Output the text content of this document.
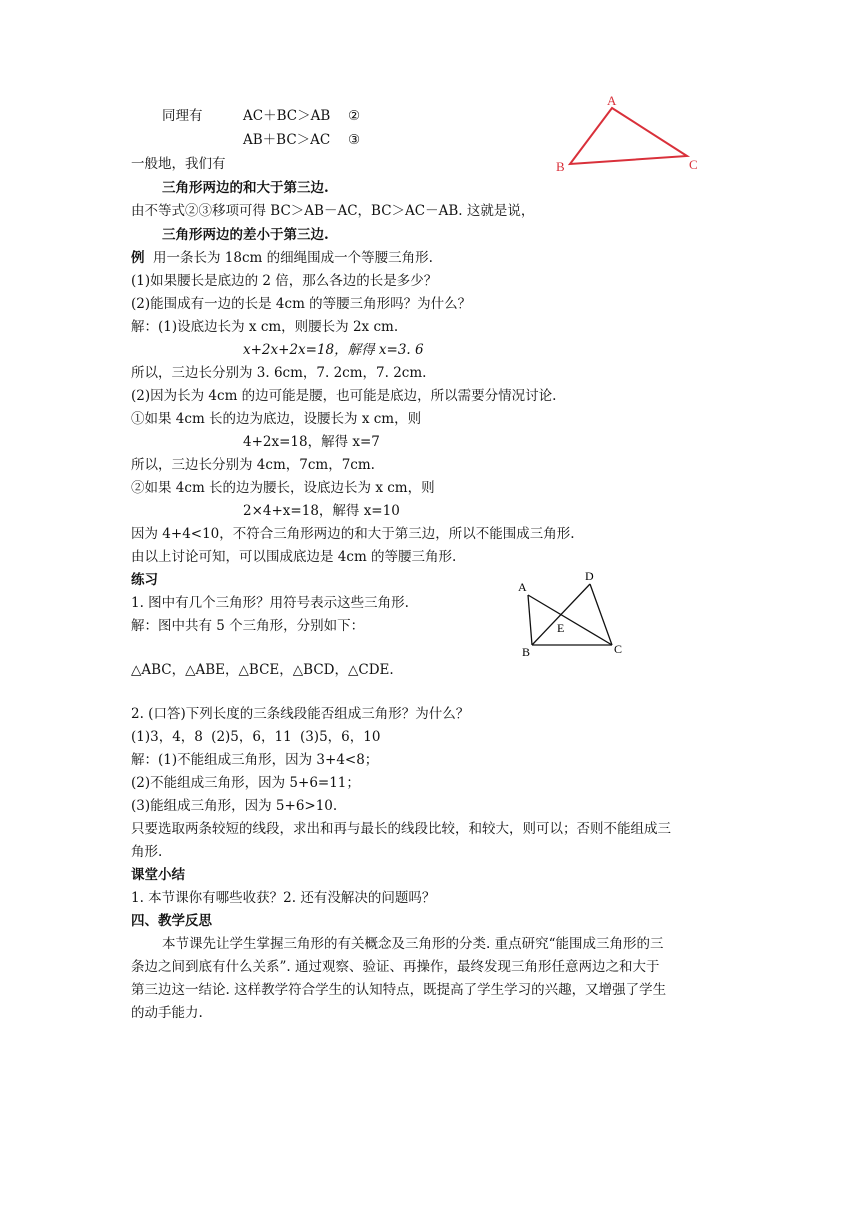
同理有	AC＋BC＞AB ②
AB＋BC＞AC ③
一般地，我们有
三角形两边的和大于第三边.
由不等式②③移项可得 BC＞AB－AC，BC＞AC－AB. 这就是说，
三角形两边的差小于第三边.
例 用一条长为 18cm 的细绳围成一个等腰三角形.
(1)如果腰长是底边的 2 倍，那么各边的长是多少？
(2)能围成有一边的长是 4cm 的等腰三角形吗？为什么？
解：(1)设底边长为 x cm，则腰长为 2x cm.
x+2x+2x=18，解得 x=3. 6
所以，三边长分别为 3. 6cm，7. 2cm，7. 2cm.
(2)因为长为 4cm 的边可能是腰，也可能是底边，所以需要分情况讨论.
①如果 4cm 长的边为底边，设腰长为 x cm，则
4+2x=18，解得 x=7
所以，三边长分别为 4cm，7cm，7cm.
②如果 4cm 长的边为腰长，设底边长为 x cm，则
2×4+x=18，解得 x=10
因为 4+4<10，不符合三角形两边的和大于第三边，所以不能围成三角形.
由以上讨论可知，可以围成底边是 4cm 的等腰三角形.
练习
1. 图中有几个三角形？用符号表示这些三角形.
解：图中共有 5 个三角形，分别如下：
△ABC，△ABE，△BCE，△BCD，△CDE.
2. (口答)下列长度的三条线段能否组成三角形？为什么？
(1)3，4，8 (2)5，6，11 (3)5，6，10
解：(1)不能组成三角形，因为 3+4<8；
(2)不能组成三角形，因为 5+6=11；
(3)能组成三角形，因为 5+6>10.
只要选取两条较短的线段，求出和再与最长的线段比较，和较大，则可以；否则不能组成三
角形.
课堂小结
1. 本节课你有哪些收获？2. 还有没解决的问题吗？
四、教学反思
本节课先让学生掌握三角形的有关概念及三角形的分类. 重点研究“能围成三角形的三
条边之间到底有什么关系”. 通过观察、验证、再操作，最终发现三角形任意两边之和大于
第三边这一结论. 这样教学符合学生的认知特点，既提高了学生学习的兴趣，又增强了学生
的动手能力.
A
B	C
A
B	C
D
E
